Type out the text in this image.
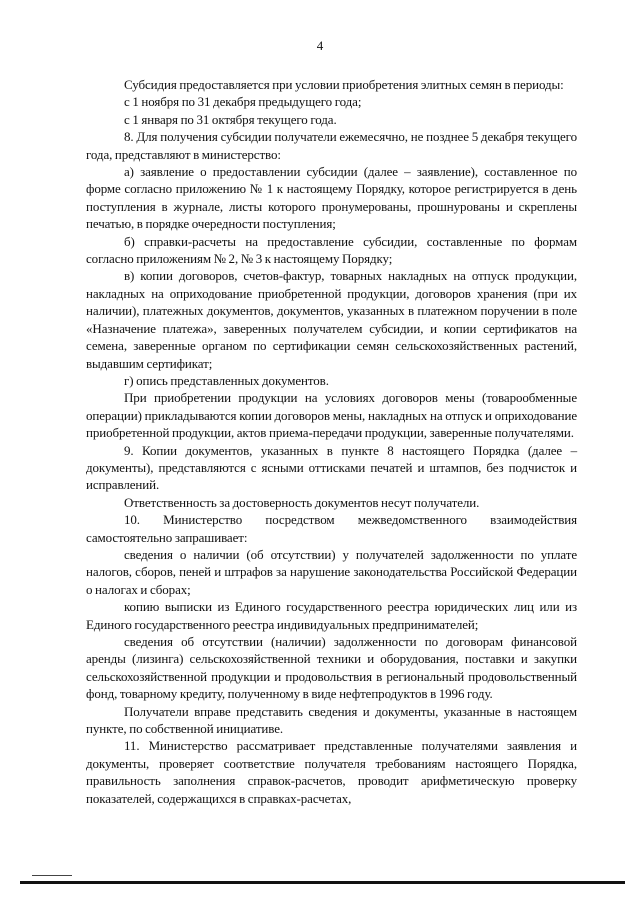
4

Субсидия предоставляется при условии приобретения элитных семян в периоды:

с 1 ноября по 31 декабря предыдущего года;

с 1 января по 31 октября текущего года.

8. Для получения субсидии получатели ежемесячно, не позднее 5 декабря текущего года, представляют в министерство:

а) заявление о предоставлении субсидии (далее – заявление), составленное по форме согласно приложению № 1 к настоящему Порядку, которое регистрируется в день поступления в журнале, листы которого пронумерованы, прошнурованы и скреплены печатью, в порядке очередности поступления;

б) справки-расчеты на предоставление субсидии, составленные по формам согласно приложениям № 2, № 3 к настоящему Порядку;

в) копии договоров, счетов-фактур, товарных накладных на отпуск продукции, накладных на оприходование приобретенной продукции, договоров хранения (при их наличии), платежных документов, документов, указанных в платежном поручении в поле «Назначение платежа», заверенных получателем субсидии, и копии сертификатов на семена, заверенные органом по сертификации семян сельскохозяйственных растений, выдавшим сертификат;

г) опись представленных документов.

При приобретении продукции на условиях договоров мены (товарообменные операции) прикладываются копии договоров мены, накладных на отпуск и оприходование приобретенной продукции, актов приема-передачи продукции, заверенные получателями.

9. Копии документов, указанных в пункте 8 настоящего Порядка (далее – документы), представляются с ясными оттисками печатей и штампов, без подчисток и исправлений.

Ответственность за достоверность документов несут получатели.

10. Министерство посредством межведомственного взаимодействия самостоятельно запрашивает:

сведения о наличии (об отсутствии) у получателей задолженности по уплате налогов, сборов, пеней и штрафов за нарушение законодательства Российской Федерации о налогах и сборах;

копию выписки из Единого государственного реестра юридических лиц или из Единого государственного реестра индивидуальных предпринимателей;

сведения об отсутствии (наличии) задолженности по договорам финансовой аренды (лизинга) сельскохозяйственной техники и оборудования, поставки и закупки сельскохозяйственной продукции и продовольствия в региональный продовольственный фонд, товарному кредиту, полученному в виде нефтепродуктов в 1996 году.

Получатели вправе представить сведения и документы, указанные в настоящем пункте, по собственной инициативе.

11. Министерство рассматривает представленные получателями заявления и документы, проверяет соответствие получателя требованиям настоящего Порядка, правильность заполнения справок-расчетов, проводит арифметическую проверку показателей, содержащихся в справках-расчетах,
